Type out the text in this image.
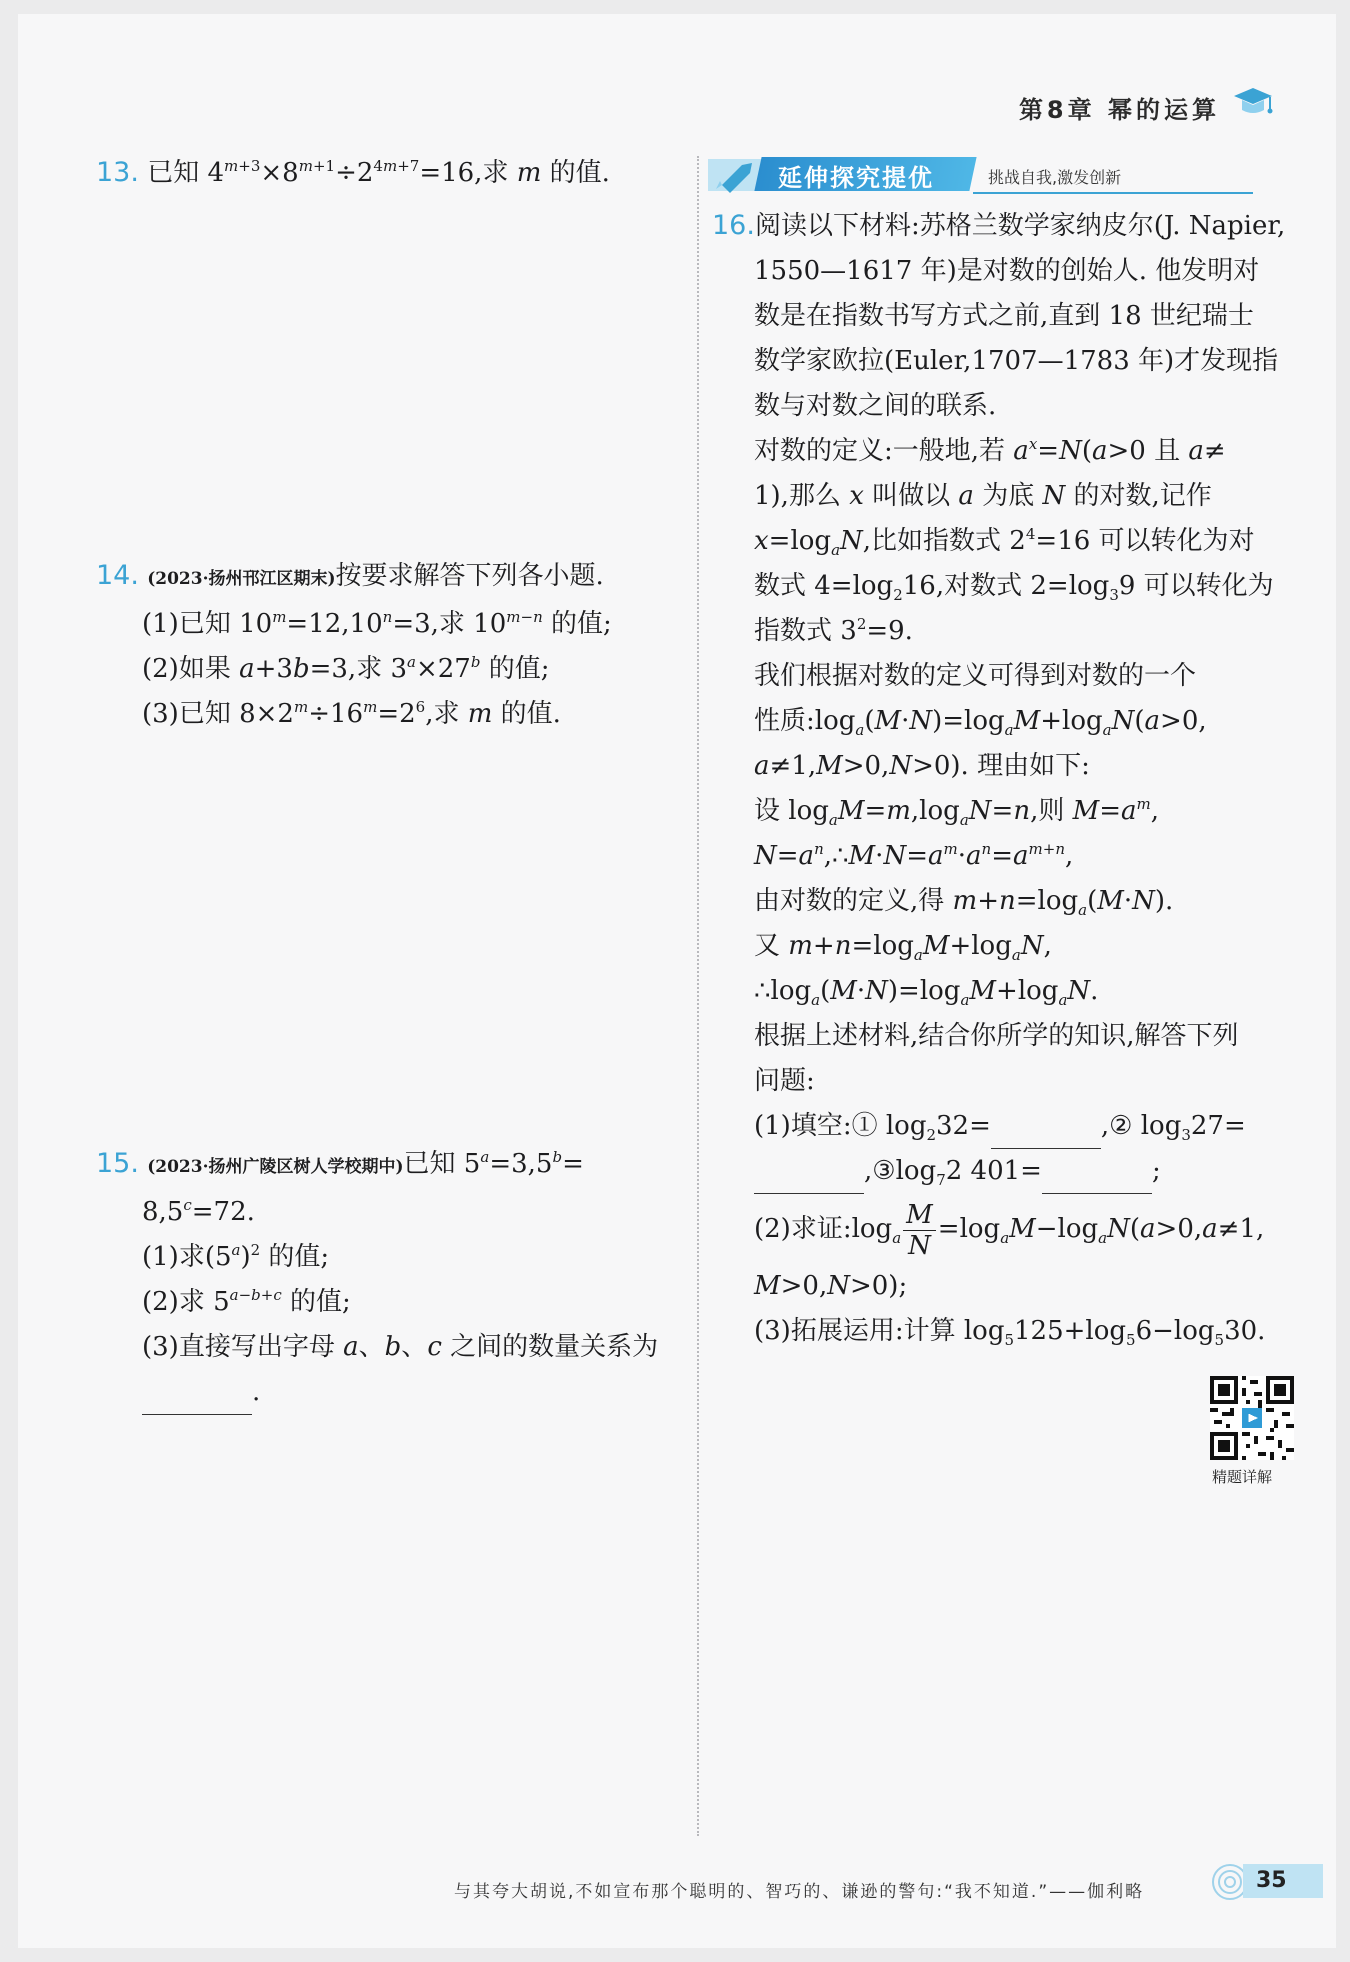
第8章 幂的运算
13. 已知 $4^{m+3}\times 8^{m+1}\div 2^{4m+7}=16$,求 m 的值.
14. (2023·扬州邗江区期末)按要求解答下列各小题.
(1)已知 $10^m=12,10^n=3$,求 $10^{m-n}$ 的值;
(2)如果 a+3b=3,求 $3^a\times 27^b$ 的值;
(3)已知 $8\times 2^m\div 16^m=2^6$,求 m 的值.
15. (2023·扬州广陵区树人学校期中)已知 $5^a=3,5^b=$
8,5$^c$=72.
(1)求$(5^a)^2$ 的值;
(2)求 $5^{a-b+c}$ 的值;
(3)直接写出字母 a、b、c 之间的数量关系为
.
延伸探究提优	挑战自我,激发创新
16.阅读以下材料:苏格兰数学家纳皮尔(J. Napier,
1550—1617 年)是对数的创始人. 他发明对
数是在指数书写方式之前,直到 18 世纪瑞士
数学家欧拉(Euler,1707—1783 年)才发现指
数与对数之间的联系.
对数的定义:一般地,若 $a^x=N(a>0$ 且 a≠
1),那么 x 叫做以 a 为底 N 的对数,记作
$x=\log_aN$,比如指数式 $2^4=16$ 可以转化为对
数式 $4=\log_216$,对数式 $2=\log_39$ 可以转化为
指数式 $3^2=9$.
我们根据对数的定义可得到对数的一个
性质$:\log_a(M\cdot N)=\log_aM+\log_aN(a>0$,
a≠1,M>0,N>0). 理由如下:
设 $\log_aM=m,\log_aN=n$,则 $M=a^m$,
$N=a^n,\therefore M\cdot N=a^m\cdot a^n=a^{m+n}$,
由对数的定义,得 $m+n=\log_a(M\cdot N)$.
又 $m+n=\log_aM+\log_aN$,
$\therefore\log_a(M\cdot N)=\log_aM+\log_aN$.
根据上述材料,结合你所学的知识,解答下列
问题:
(1)填空:① $\log_232=$	,② $\log_327=$
$,③\log_72$ 401=	;
(2)求证$:\log_a \frac{M}{N} =\log_aM-\log_aN(a>0,a\ne 1$,
M>0,N>0);
(3)拓展运用:计算 $\log_5125+\log_56-\log_530$.
精题详解
与其夸大胡说,不如宣布那个聪明的、智巧的、谦逊的警句:“我不知道.”——伽利略	35
